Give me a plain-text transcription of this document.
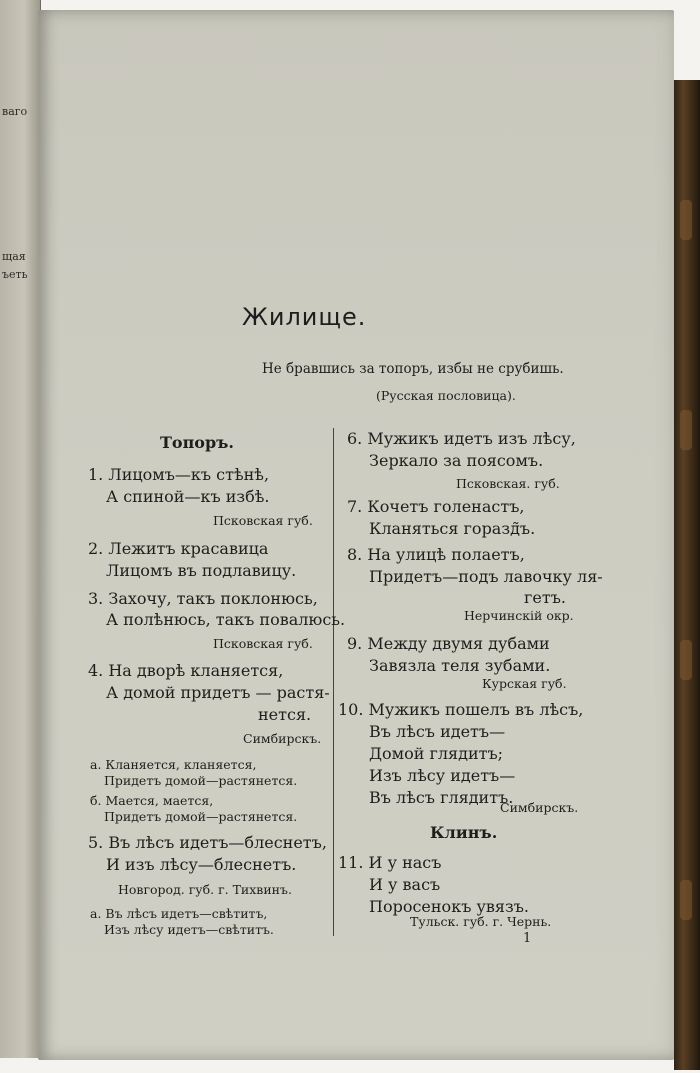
ваго
щая
ъеть
Жилище.
Не бравшись за топоръ, избы не срубишь.
(Русская пословица).
Топоръ.
1. Лицомъ—къ стѣнѣ,
А спиной—къ избѣ.
Псковская губ.
2. Лежитъ красавица
Лицомъ въ подлавицу.
3. Захочу, такъ поклонюсь,
А полѣнюсь, такъ повалюсь.
Псковская губ.
4. На дворѣ кланяется,
А домой придетъ — растя-
нется.
Симбирскъ.
а. Кланяется, кланяется,
Придетъ домой—растянется.
б. Мается, мается,
Придетъ домой—растянется.
5. Въ лѣсъ идетъ—блеснетъ,
И изъ лѣсу—блеснетъ.
Новгород. губ. г. Тихвинъ.
а. Въ лѣсъ идетъ—свѣтитъ,
Изъ лѣсу идетъ—свѣтитъ.
6. Мужикъ идетъ изъ лѣсу,
Зеркало за поясомъ.
Псковская. губ.
7. Кочетъ голенастъ,
Кланяться горазд̃ъ.
8. На улицѣ полаетъ,
Придетъ—подъ лавочку ля-
гетъ.
Нерчинскій окр.
9. Между двумя дубами
Завязла теля зубами.
Курская губ.
10. Мужикъ пошелъ въ лѣсъ,
Въ лѣсъ идетъ—
Домой глядитъ;
Изъ лѣсу идетъ—
Въ лѣсъ глядитъ.
Симбирскъ.
Клинъ.
11. И у насъ
И у васъ
Поросенокъ увязъ.
Тульск. губ. г. Чернь.
1
